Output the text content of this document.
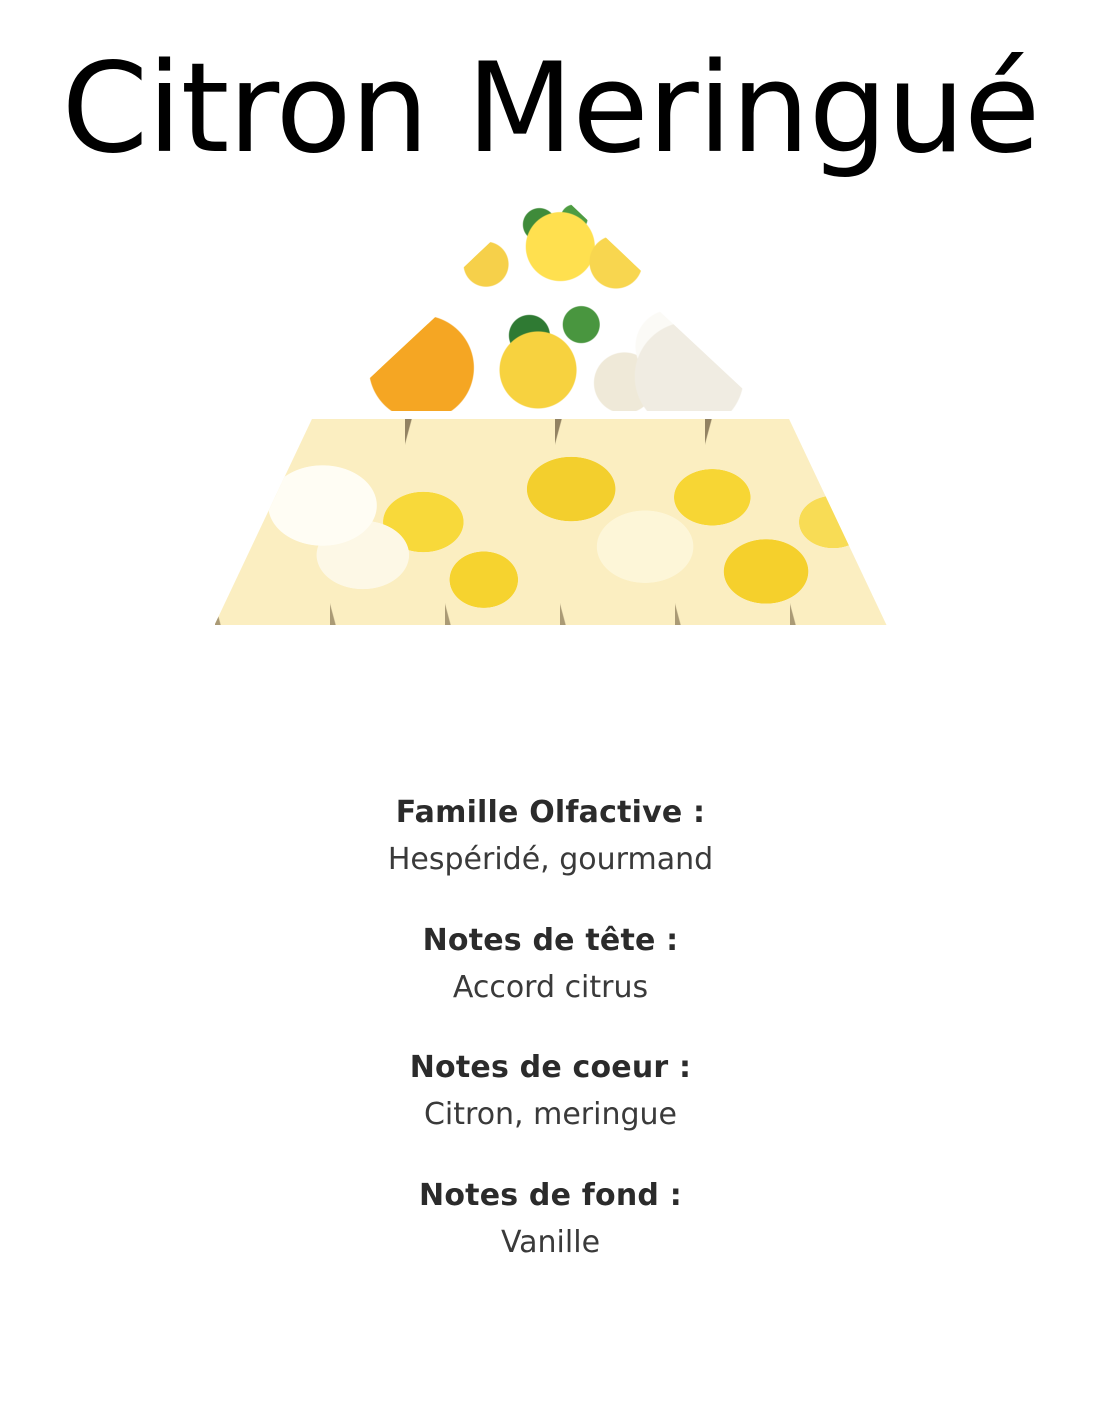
Citron Meringué
Famille Olfactive :
Hespéridé, gourmand
Notes de tête :
Accord citrus
Notes de coeur :
Citron, meringue
Notes de fond :
Vanille
